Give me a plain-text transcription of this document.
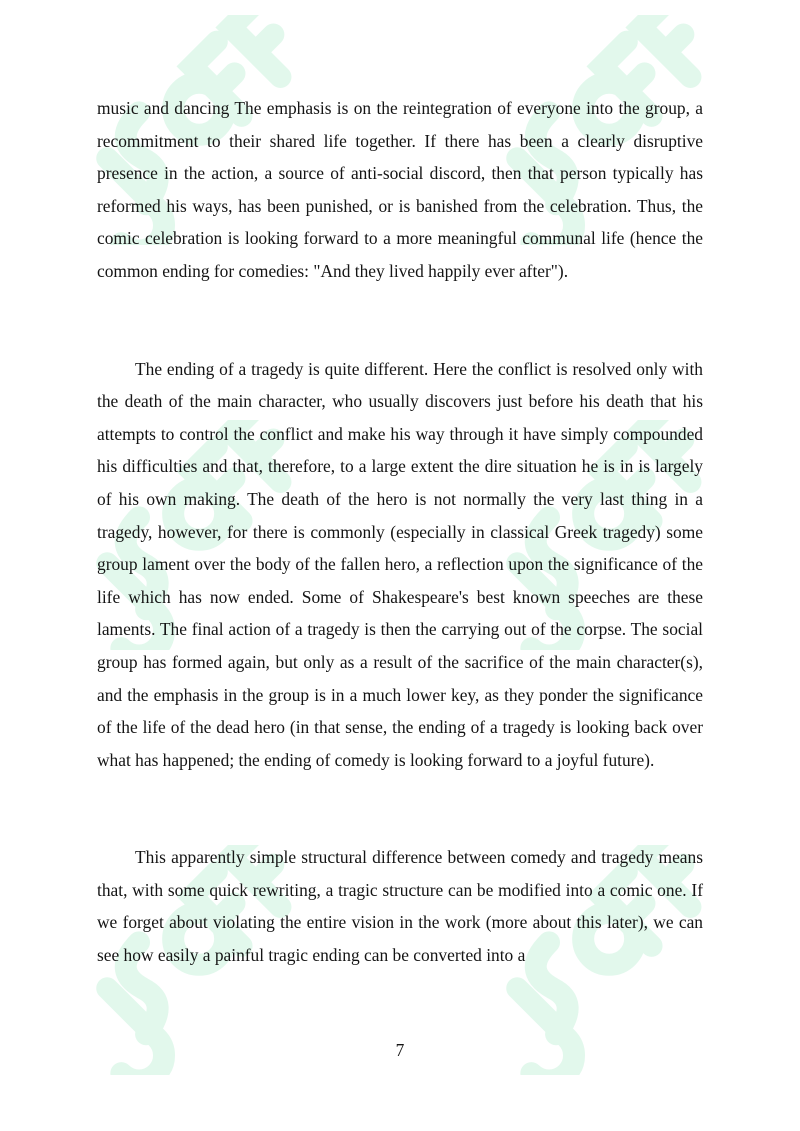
music and dancing The emphasis is on the reintegration of everyone into the group, a recommitment to their shared life together. If there has been a clearly disruptive presence in the action, a source of anti-social discord, then that person typically has reformed his ways, has been punished, or is banished from the celebration. Thus, the comic celebration is looking forward to a more meaningful communal life (hence the common ending for comedies: "And they lived happily ever after").

The ending of a tragedy is quite different. Here the conflict is resolved only with the death of the main character, who usually discovers just before his death that his attempts to control the conflict and make his way through it have simply compounded his difficulties and that, therefore, to a large extent the dire situation he is in is largely of his own making. The death of the hero is not normally the very last thing in a tragedy, however, for there is commonly (especially in classical Greek tragedy) some group lament over the body of the fallen hero, a reflection upon the significance of the life which has now ended. Some of Shakespeare's best known speeches are these laments. The final action of a tragedy is then the carrying out of the corpse. The social group has formed again, but only as a result of the sacrifice of the main character(s), and the emphasis in the group is in a much lower key, as they ponder the significance of the life of the dead hero (in that sense, the ending of a tragedy is looking back over what has happened; the ending of comedy is looking forward to a joyful future).

This apparently simple structural difference between comedy and tragedy means that, with some quick rewriting, a tragic structure can be modified into a comic one. If we forget about violating the entire vision in the work (more about this later), we can see how easily a painful tragic ending can be converted into a

7
